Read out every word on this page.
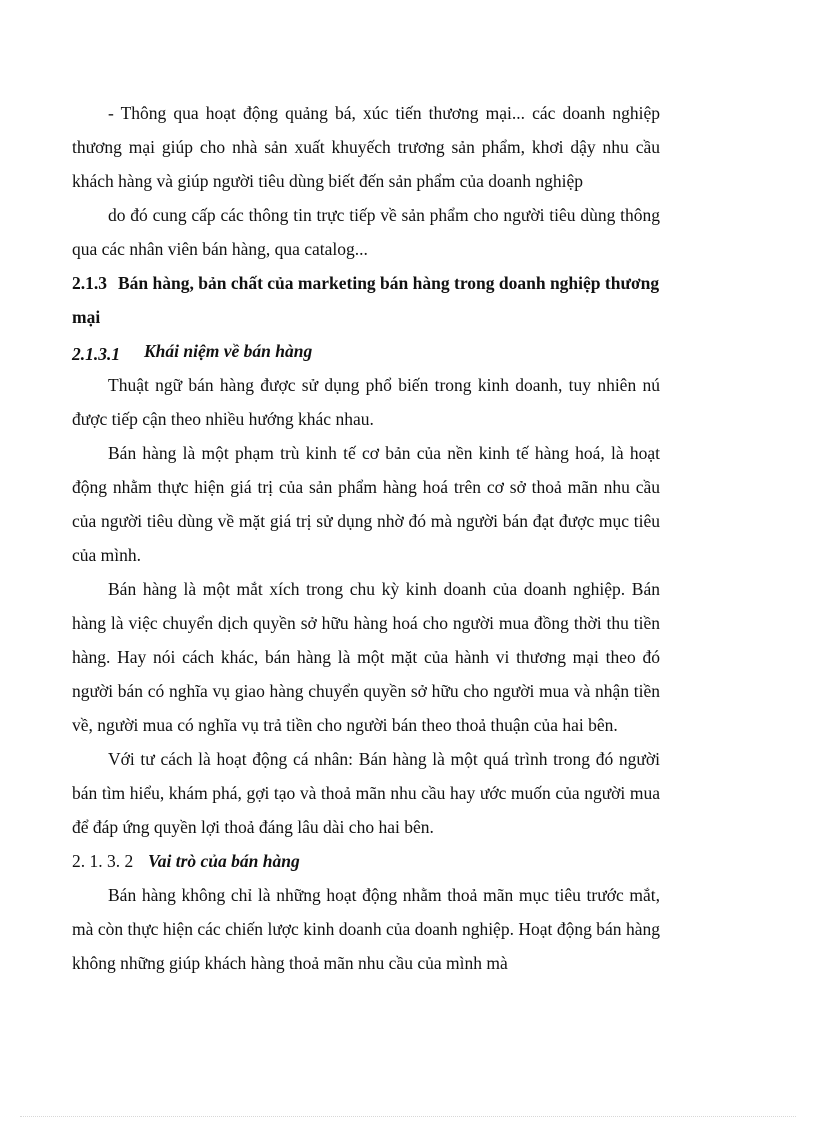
- Thông qua hoạt động quảng bá, xúc tiến thương mại... các doanh nghiệp thương mại giúp cho nhà sản xuất khuyếch trương sản phẩm, khơi dậy nhu cầu khách hàng và giúp người tiêu dùng biết đến sản phẩm của doanh nghiệp

do đó cung cấp các thông tin trực tiếp về sản phẩm cho người tiêu dùng thông qua các nhân viên bán hàng, qua catalog...

2.1.3 Bán hàng, bản chất của marketing bán hàng trong doanh nghiệp thương mại
2.1.3.1 Khái niệm về bán hàng

Thuật ngữ bán hàng được sử dụng phổ biến trong kinh doanh, tuy nhiên nú được tiếp cận theo nhiều hướng khác nhau.

Bán hàng là một phạm trù kinh tế cơ bản của nền kinh tế hàng hoá, là hoạt động nhằm thực hiện giá trị của sản phẩm hàng hoá trên cơ sở thoả mãn nhu cầu của người tiêu dùng về mặt giá trị sử dụng nhờ đó mà người bán đạt được mục tiêu của mình.

Bán hàng là một mắt xích trong chu kỳ kinh doanh của doanh nghiệp. Bán hàng là việc chuyển dịch quyền sở hữu hàng hoá cho người mua đồng thời thu tiền hàng. Hay nói cách khác, bán hàng là một mặt của hành vi thương mại theo đó người bán có nghĩa vụ giao hàng chuyển quyền sở hữu cho người mua và nhận tiền về, người mua có nghĩa vụ trả tiền cho người bán theo thoả thuận của hai bên.

Với tư cách là hoạt động cá nhân: Bán hàng là một quá trình trong đó người bán tìm hiểu, khám phá, gợi tạo và thoả mãn nhu cầu hay ước muốn của người mua để đáp ứng quyền lợi thoả đáng lâu dài cho hai bên.

2. 1. 3. 2 Vai trò của bán hàng

Bán hàng không chỉ là những hoạt động nhằm thoả mãn mục tiêu trước mắt, mà còn thực hiện các chiến lược kinh doanh của doanh nghiệp. Hoạt động bán hàng không những giúp khách hàng thoả mãn nhu cầu của mình mà
